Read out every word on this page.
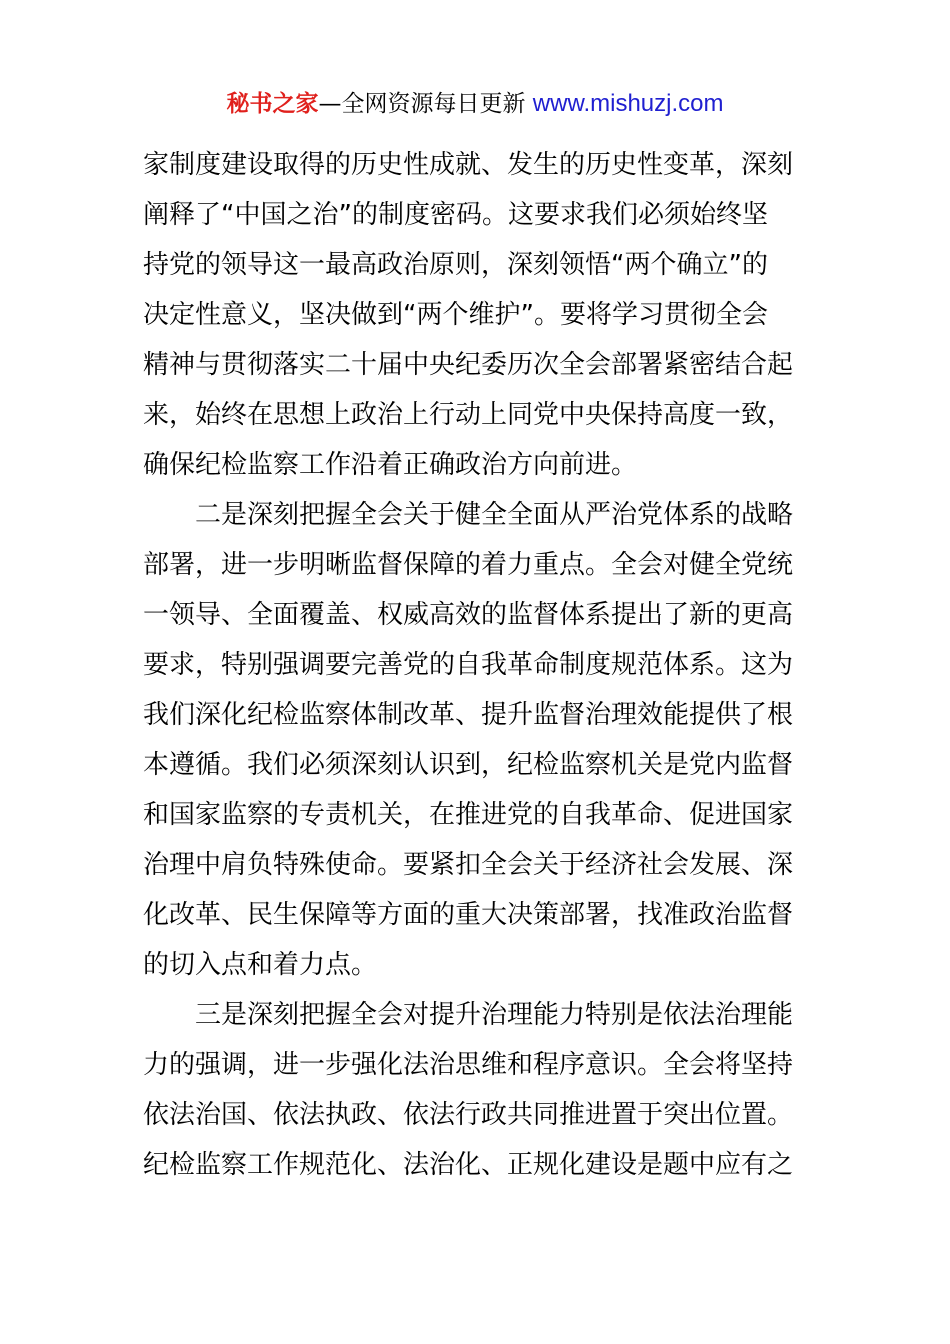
秘书之家—全网资源每日更新 www.mishuzj.com
家制度建设取得的历史性成就、发生的历史性变革，深刻
阐释了“中国之治”的制度密码。这要求我们必须始终坚
持党的领导这一最高政治原则，深刻领悟“两个确立”的
决定性意义，坚决做到“两个维护”。要将学习贯彻全会
精神与贯彻落实二十届中央纪委历次全会部署紧密结合起
来，始终在思想上政治上行动上同党中央保持高度一致，
确保纪检监察工作沿着正确政治方向前进。
　　二是深刻把握全会关于健全全面从严治党体系的战略
部署，进一步明晰监督保障的着力重点。全会对健全党统
一领导、全面覆盖、权威高效的监督体系提出了新的更高
要求，特别强调要完善党的自我革命制度规范体系。这为
我们深化纪检监察体制改革、提升监督治理效能提供了根
本遵循。我们必须深刻认识到，纪检监察机关是党内监督
和国家监察的专责机关，在推进党的自我革命、促进国家
治理中肩负特殊使命。要紧扣全会关于经济社会发展、深
化改革、民生保障等方面的重大决策部署，找准政治监督
的切入点和着力点。
　　三是深刻把握全会对提升治理能力特别是依法治理能
力的强调，进一步强化法治思维和程序意识。全会将坚持
依法治国、依法执政、依法行政共同推进置于突出位置。
纪检监察工作规范化、法治化、正规化建设是题中应有之
